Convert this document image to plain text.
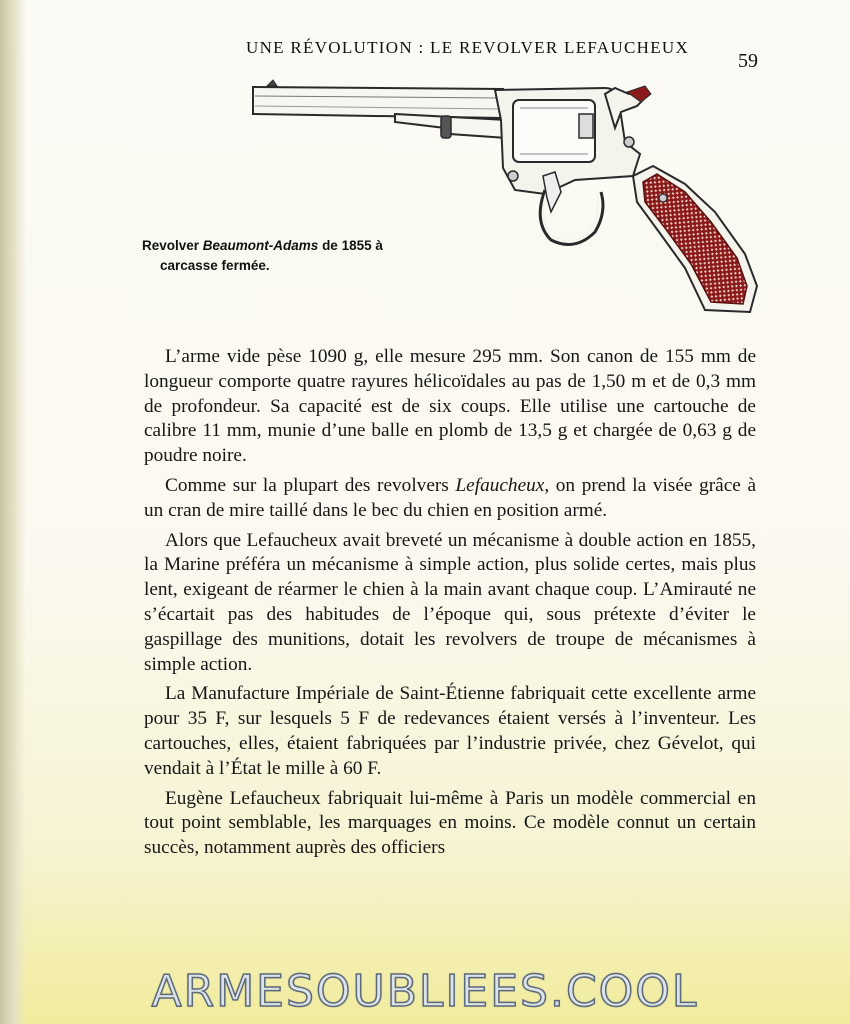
UNE RÉVOLUTION : LE REVOLVER LEFAUCHEUX
59
Revolver Beaumont-Adams de 1855 à
carcasse fermée.

L’arme vide pèse 1090 g, elle mesure 295 mm. Son canon de 155 mm de longueur comporte quatre rayures hélicoïdales au pas de 1,50 m et de 0,3 mm de profondeur. Sa capacité est de six coups. Elle utilise une cartouche de calibre 11 mm, munie d’une balle en plomb de 13,5 g et chargée de 0,63 g de poudre noire.

Comme sur la plupart des revolvers Lefaucheux, on prend la visée grâce à un cran de mire taillé dans le bec du chien en position armé.

Alors que Lefaucheux avait breveté un mécanisme à double action en 1855, la Marine préféra un mécanisme à simple action, plus solide certes, mais plus lent, exigeant de réarmer le chien à la main avant chaque coup. L’Amirauté ne s’écartait pas des habitudes de l’époque qui, sous prétexte d’éviter le gaspillage des munitions, dotait les revolvers de troupe de mécanismes à simple action.

La Manufacture Impériale de Saint-Étienne fabriquait cette excellente arme pour 35 F, sur lesquels 5 F de redevances étaient versés à l’inventeur. Les cartouches, elles, étaient fabriquées par l’industrie privée, chez Gévelot, qui vendait à l’État le mille à 60 F.

Eugène Lefaucheux fabriquait lui-même à Paris un modèle commercial en tout point semblable, les marquages en moins. Ce modèle connut un certain succès, notamment auprès des officiers

ARMESOUBLIEES.COOL
